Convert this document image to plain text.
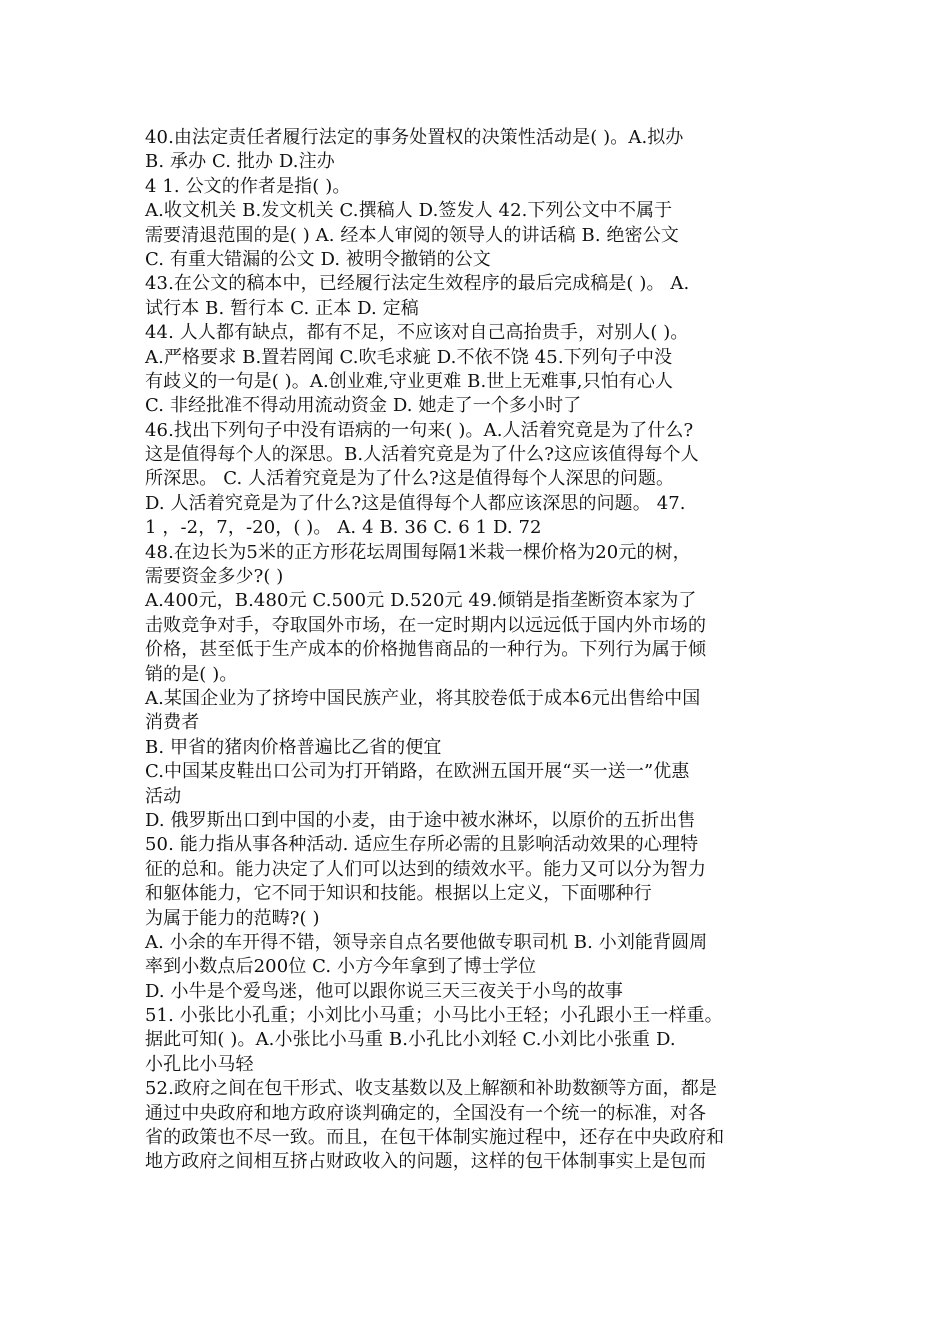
40.由法定责任者履行法定的事务处置权的决策性活动是( )。A.拟办
B. 承办 C. 批办 D.注办
4 1. 公文的作者是指( )。
A.收文机关 B.发文机关 C.撰稿人 D.签发人 42.下列公文中不属于
需要清退范围的是( ) A. 经本人审阅的领导人的讲话稿 B. 绝密公文
C. 有重大错漏的公文 D. 被明令撤销的公文
43.在公文的稿本中，已经履行法定生效程序的最后完成稿是( )。 A.
试行本 B. 暂行本 C. 正本 D. 定稿
44. 人人都有缺点，都有不足，不应该对自己高抬贵手，对别人( )。
A.严格要求 B.置若罔闻 C.吹毛求疵 D.不依不饶 45.下列句子中没
有歧义的一句是( )。A.创业难,守业更难 B.世上无难事,只怕有心人
C. 非经批准不得动用流动资金 D. 她走了一个多小时了
46.找出下列句子中没有语病的一句来( )。A.人活着究竟是为了什么?
这是值得每个人的深思。B.人活着究竟是为了什么?这应该值得每个人
所深思。 C. 人活着究竟是为了什么?这是值得每个人深思的问题。
D. 人活着究竟是为了什么?这是值得每个人都应该深思的问题。 47.
1 ，-2，7，-20，( )。 A. 4 B. 36 C. 6 1 D. 72
48.在边长为5米的正方形花坛周围每隔1米栽一棵价格为20元的树，
需要资金多少?( )
A.400元，B.480元 C.500元 D.520元 49.倾销是指垄断资本家为了
击败竞争对手，夺取国外市场，在一定时期内以远远低于国内外市场的
价格，甚至低于生产成本的价格抛售商品的一种行为。下列行为属于倾
销的是( )。
A.某国企业为了挤垮中国民族产业，将其胶卷低于成本6元出售给中国
消费者
B. 甲省的猪肉价格普遍比乙省的便宜
C.中国某皮鞋出口公司为打开销路，在欧洲五国开展“买一送一”优惠
活动
D. 俄罗斯出口到中国的小麦，由于途中被水淋坏，以原价的五折出售
50. 能力指从事各种活动. 适应生存所必需的且影响活动效果的心理特
征的总和。能力决定了人们可以达到的绩效水平。能力又可以分为智力
和躯体能力，它不同于知识和技能。根据以上定义，下面哪种行
为属于能力的范畴?( )
A. 小余的车开得不错，领导亲自点名要他做专职司机 B. 小刘能背圆周
率到小数点后200位 C. 小方今年拿到了博士学位
D. 小牛是个爱鸟迷，他可以跟你说三天三夜关于小鸟的故事
51. 小张比小孔重；小刘比小马重；小马比小王轻；小孔跟小王一样重。
据此可知( )。A.小张比小马重 B.小孔比小刘轻 C.小刘比小张重 D.
小孔比小马轻
52.政府之间在包干形式、收支基数以及上解额和补助数额等方面，都是
通过中央政府和地方政府谈判确定的，全国没有一个统一的标准，对各
省的政策也不尽一致。而且，在包干体制实施过程中，还存在中央政府和
地方政府之间相互挤占财政收入的问题，这样的包干体制事实上是包而
